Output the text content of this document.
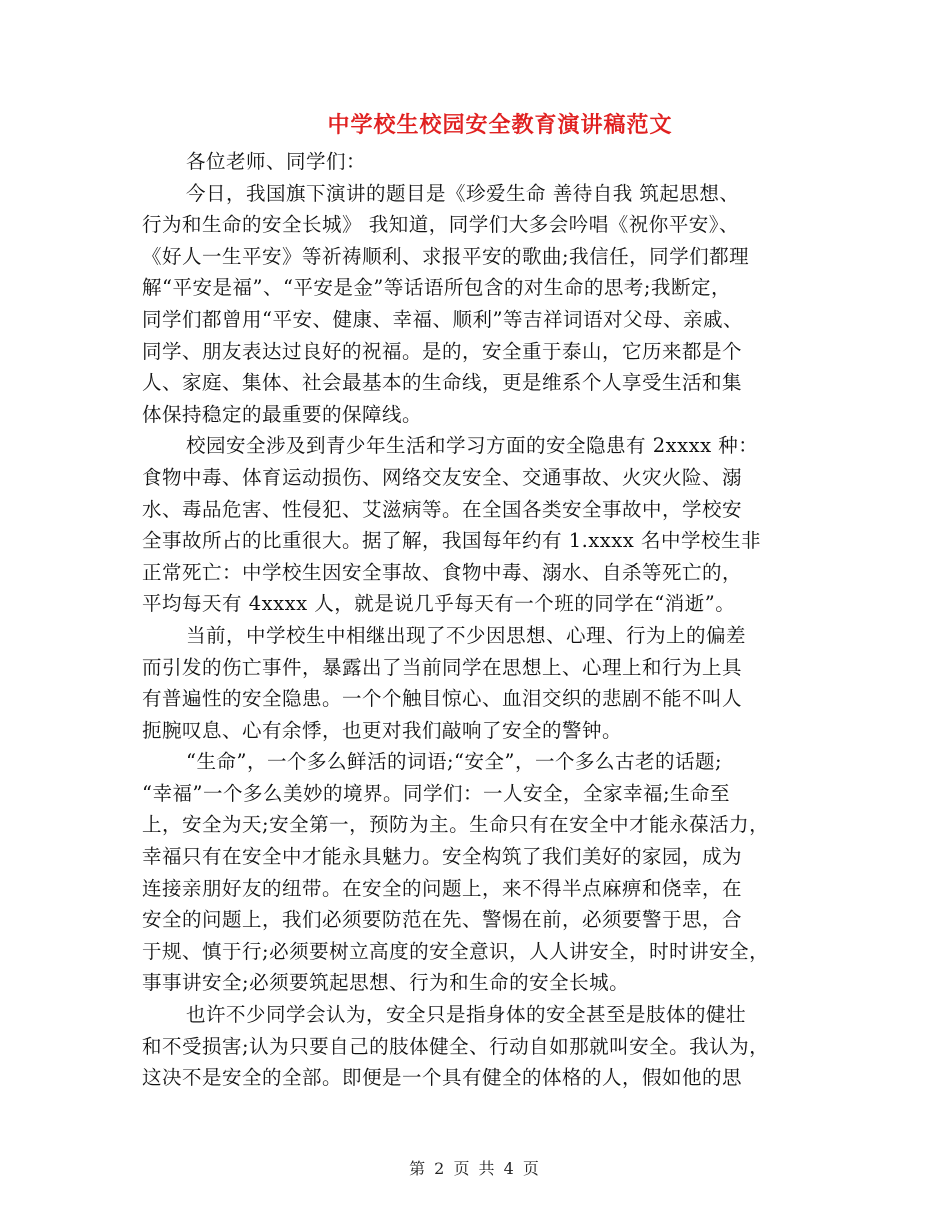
中学校生校园安全教育演讲稿范文
各位老师、同学们：
今日，我国旗下演讲的题目是《珍爱生命 善待自我 筑起思想、
行为和生命的安全长城》 我知道，同学们大多会吟唱《祝你平安》、
《好人一生平安》等祈祷顺利、求报平安的歌曲;我信任，同学们都理
解“平安是福”、“平安是金”等话语所包含的对生命的思考;我断定，
同学们都曾用“平安、健康、幸福、顺利”等吉祥词语对父母、亲戚、
同学、朋友表达过良好的祝福。是的，安全重于泰山，它历来都是个
人、家庭、集体、社会最基本的生命线，更是维系个人享受生活和集
体保持稳定的最重要的保障线。
校园安全涉及到青少年生活和学习方面的安全隐患有 2xxxx 种：
食物中毒、体育运动损伤、网络交友安全、交通事故、火灾火险、溺
水、毒品危害、性侵犯、艾滋病等。在全国各类安全事故中，学校安
全事故所占的比重很大。据了解，我国每年约有 1.xxxx 名中学校生非
正常死亡：中学校生因安全事故、食物中毒、溺水、自杀等死亡的，
平均每天有 4xxxx 人，就是说几乎每天有一个班的同学在“消逝”。
当前，中学校生中相继出现了不少因思想、心理、行为上的偏差
而引发的伤亡事件，暴露出了当前同学在思想上、心理上和行为上具
有普遍性的安全隐患。一个个触目惊心、血泪交织的悲剧不能不叫人
扼腕叹息、心有余悸，也更对我们敲响了安全的警钟。
“生命”，一个多么鲜活的词语;“安全”，一个多么古老的话题;
“幸福”一个多么美妙的境界。同学们：一人安全，全家幸福;生命至
上，安全为天;安全第一，预防为主。生命只有在安全中才能永葆活力，
幸福只有在安全中才能永具魅力。安全构筑了我们美好的家园，成为
连接亲朋好友的纽带。在安全的问题上，来不得半点麻痹和侥幸，在
安全的问题上，我们必须要防范在先、警惕在前，必须要警于思，合
于规、慎于行;必须要树立高度的安全意识，人人讲安全，时时讲安全，
事事讲安全;必须要筑起思想、行为和生命的安全长城。
也许不少同学会认为，安全只是指身体的安全甚至是肢体的健壮
和不受损害;认为只要自己的肢体健全、行动自如那就叫安全。我认为，
这决不是安全的全部。即便是一个具有健全的体格的人，假如他的思
第 2 页 共 4 页
